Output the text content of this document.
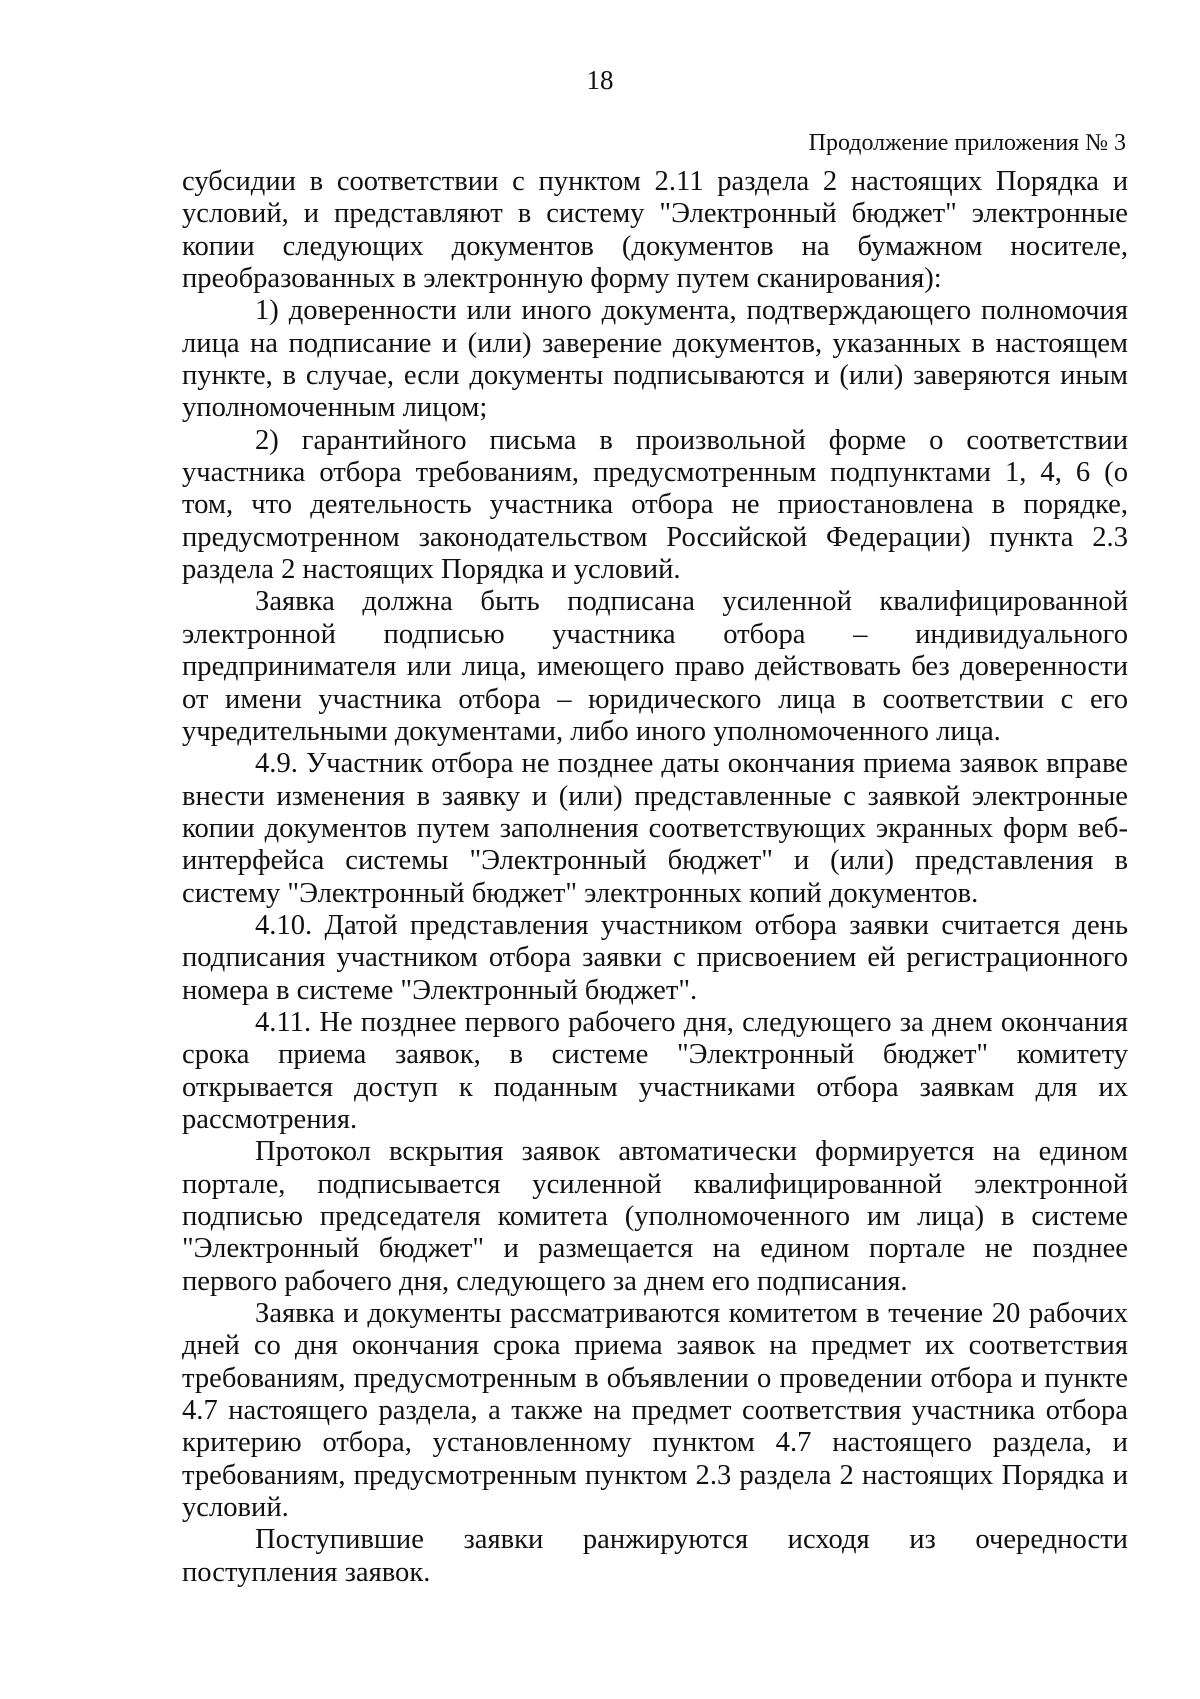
18
Продолжение приложения № 3

субсидии в соответствии с пунктом 2.11 раздела 2 настоящих Порядка и условий, и представляют в систему "Электронный бюджет" электронные копии следующих документов (документов на бумажном носителе, преобразованных в электронную форму путем сканирования):

1) доверенности или иного документа, подтверждающего полномочия лица на подписание и (или) заверение документов, указанных в настоящем пункте, в случае, если документы подписываются и (или) заверяются иным уполномоченным лицом;

2) гарантийного письма в произвольной форме о соответствии участника отбора требованиям, предусмотренным подпунктами 1, 4, 6 (о том, что деятельность участника отбора не приостановлена в порядке, предусмотренном законодательством Российской Федерации) пункта 2.3 раздела 2 настоящих Порядка и условий.

Заявка должна быть подписана усиленной квалифицированной электронной подписью участника отбора – индивидуального предпринимателя или лица, имеющего право действовать без доверенности от имени участника отбора – юридического лица в соответствии с его учредительными документами, либо иного уполномоченного лица.

4.9. Участник отбора не позднее даты окончания приема заявок вправе внести изменения в заявку и (или) представленные с заявкой электронные копии документов путем заполнения соответствующих экранных форм веб-интерфейса системы "Электронный бюджет" и (или) представления в систему "Электронный бюджет" электронных копий документов.

4.10. Датой представления участником отбора заявки считается день подписания участником отбора заявки с присвоением ей регистрационного номера в системе "Электронный бюджет".

4.11. Не позднее первого рабочего дня, следующего за днем окончания срока приема заявок, в системе "Электронный бюджет" комитету открывается доступ к поданным участниками отбора заявкам для их рассмотрения.

Протокол вскрытия заявок автоматически формируется на едином портале, подписывается усиленной квалифицированной электронной подписью председателя комитета (уполномоченного им лица) в системе "Электронный бюджет" и размещается на едином портале не позднее первого рабочего дня, следующего за днем его подписания.

Заявка и документы рассматриваются комитетом в течение 20 рабочих дней со дня окончания срока приема заявок на предмет их соответствия требованиям, предусмотренным в объявлении о проведении отбора и пункте 4.7 настоящего раздела, а также на предмет соответствия участника отбора критерию отбора, установленному пунктом 4.7 настоящего раздела, и требованиям, предусмотренным пунктом 2.3 раздела 2 настоящих Порядка и условий.

Поступившие заявки ранжируются исходя из очередности поступления заявок.
